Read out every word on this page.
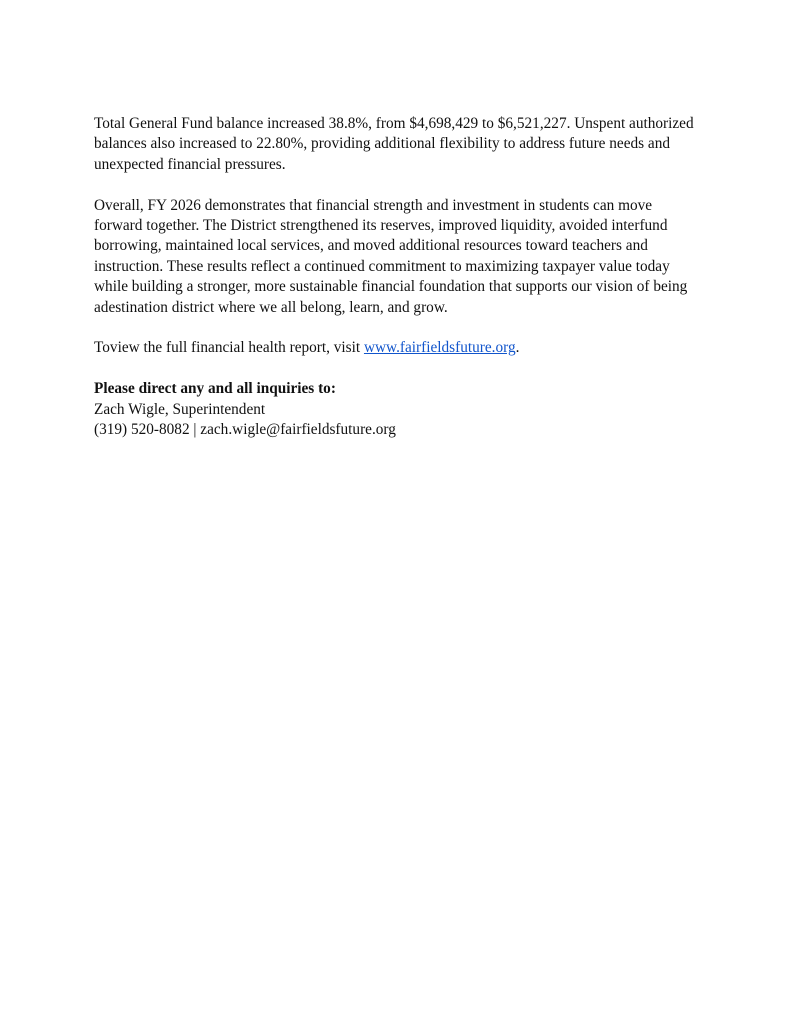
Total General Fund balance increased 38.8%, from $4,698,429 to $6,521,227. Unspent authorized balances also increased to 22.80%, providing additional flexibility to address future needs and unexpected financial pressures.

Overall, FY 2026 demonstrates that financial strength and investment in students can move forward together. The District strengthened its reserves, improved liquidity, avoided interfund borrowing, maintained local services, and moved additional resources toward teachers and instruction. These results reflect a continued commitment to maximizing taxpayer value today while building a stronger, more sustainable financial foundation that supports our vision of being adestination district where we all belong, learn, and grow.

Toview the full financial health report, visit www.fairfieldsfuture.org.

Please direct any and all inquiries to:
Zach Wigle, Superintendent
(319) 520-8082 | zach.wigle@fairfieldsfuture.org
